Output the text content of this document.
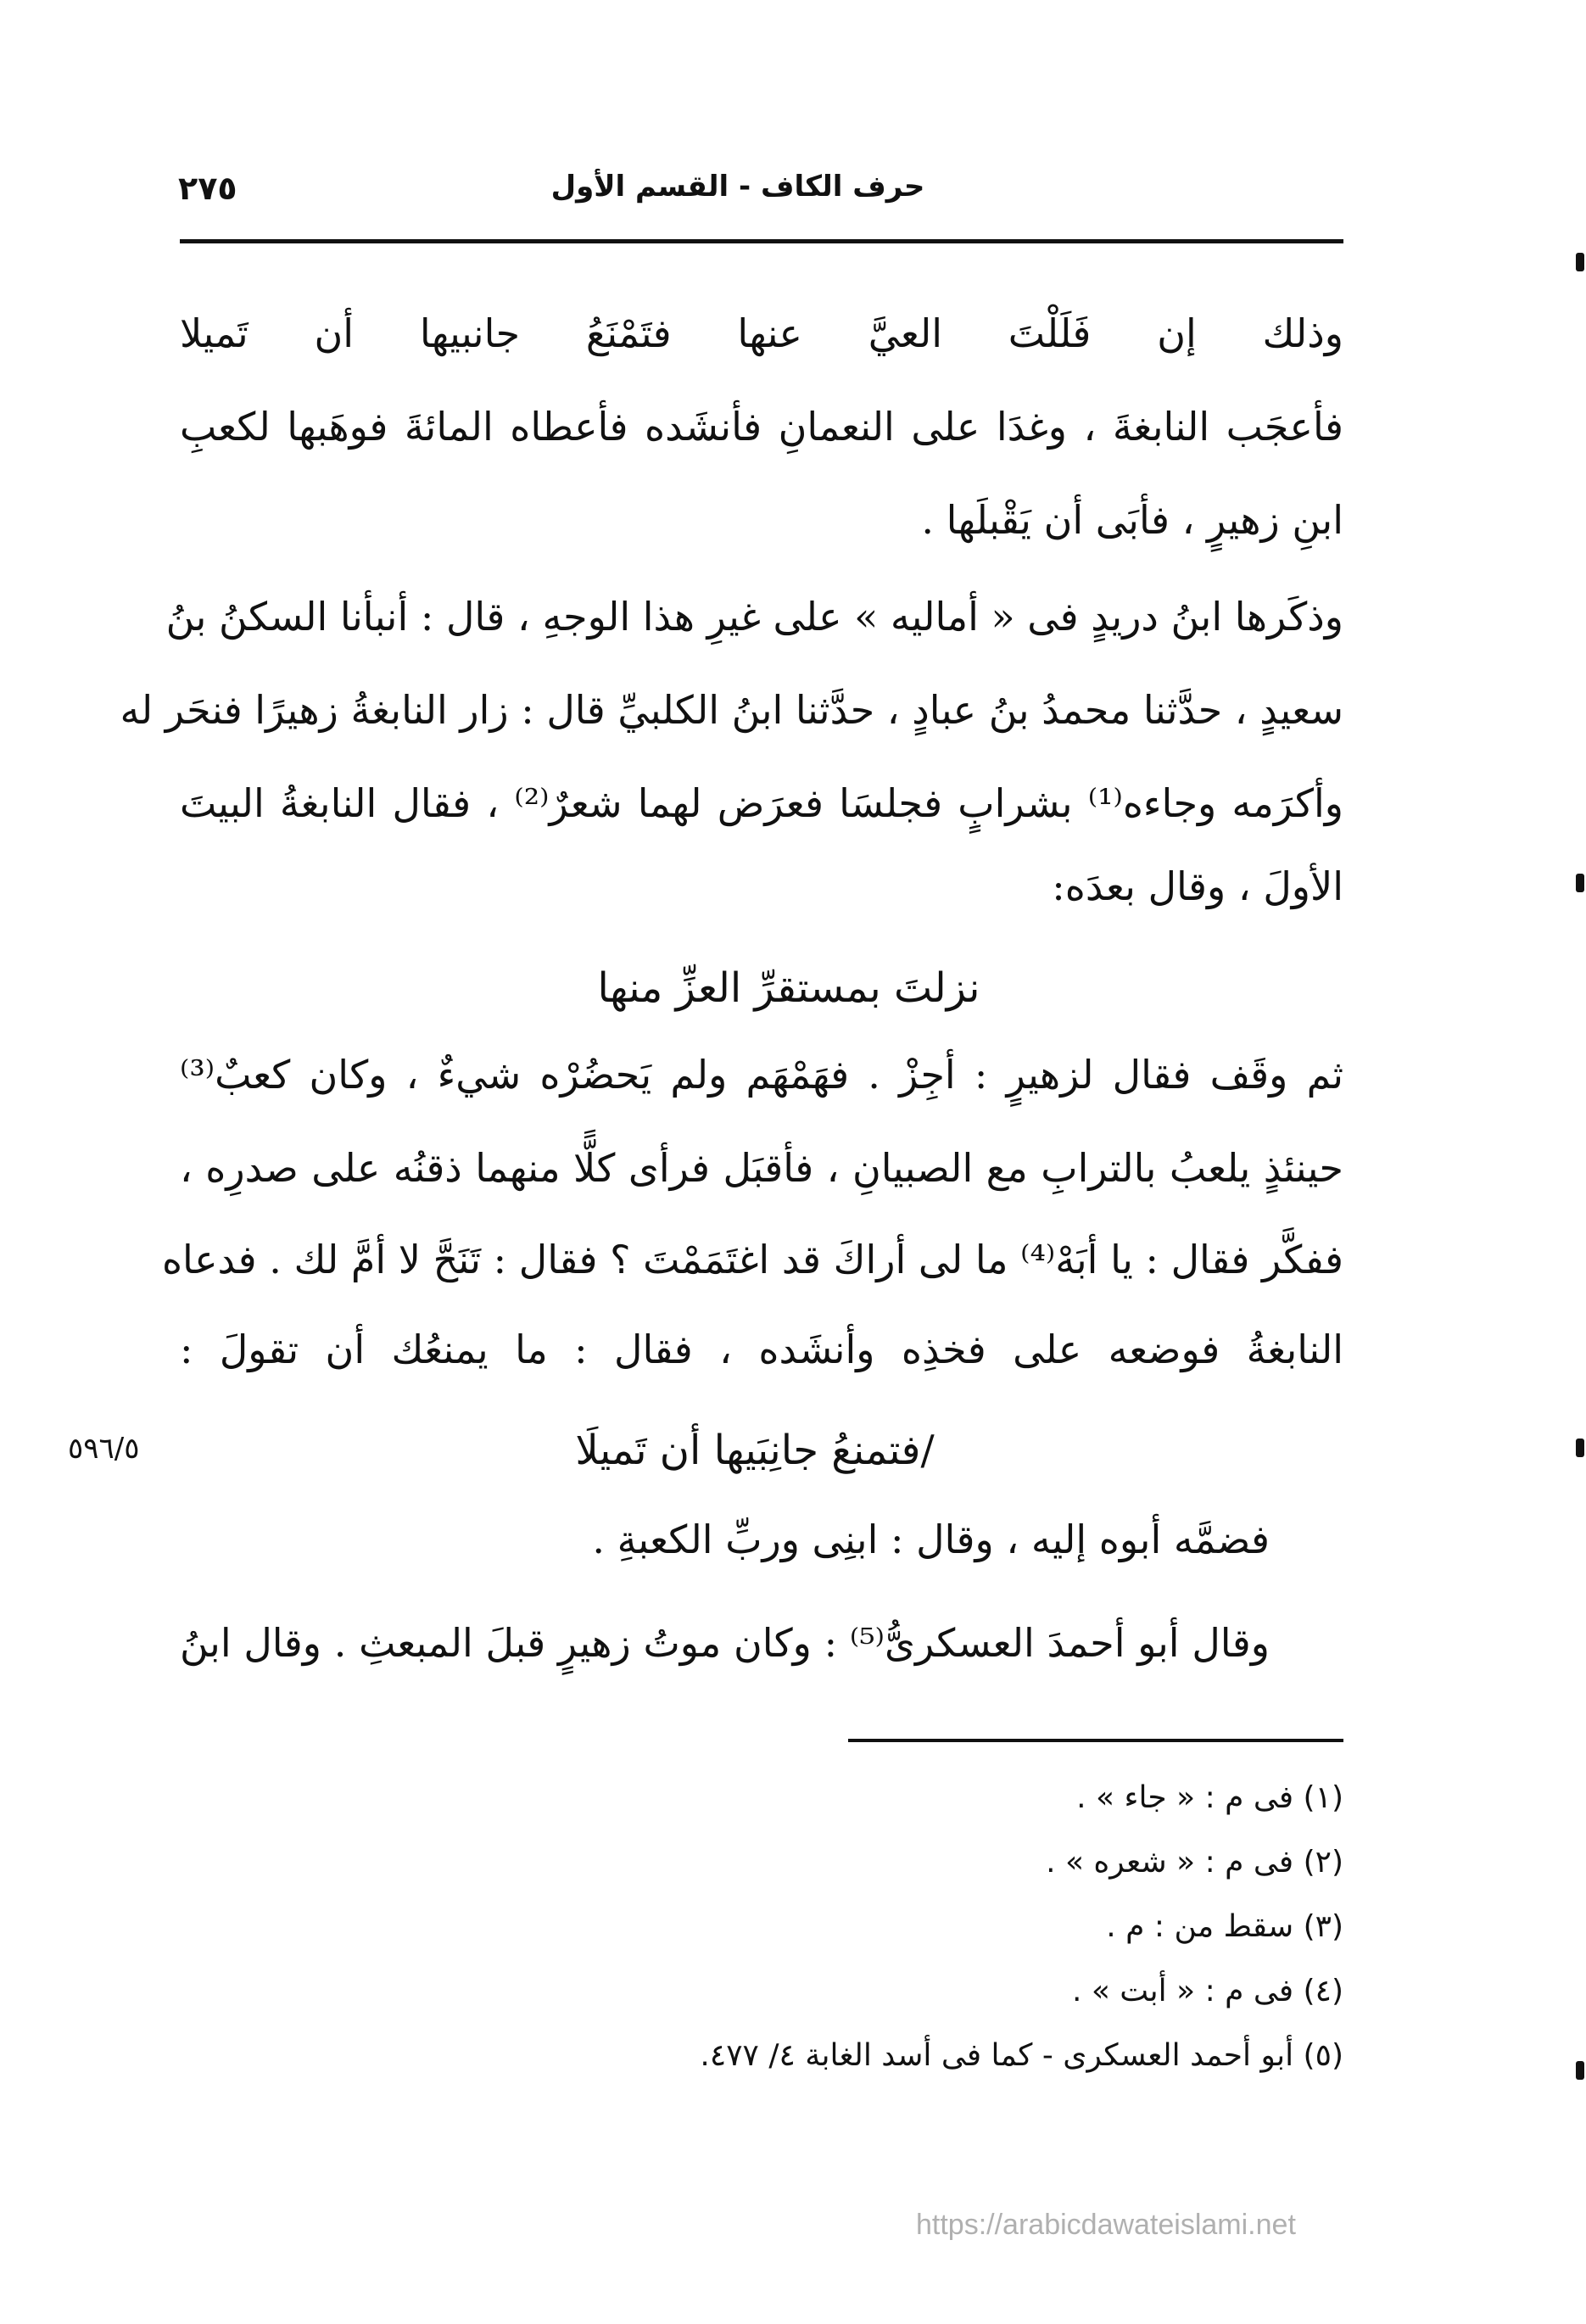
حرف الكاف - القسم الأول
٢٧٥
وذلك إن فَلَلْتَ العيَّ عنها فتَمْنَعُ جانبيها أن تَميلا
فأعجَب النابغةَ ، وغدَا على النعمانِ فأنشَده فأعطاه المائةَ فوهَبها لكعبِ
ابنِ زهيرٍ ، فأبَى أن يَقْبلَها .
وذكَرها ابنُ دريدٍ فى « أماليه » على غيرِ هذا الوجهِ ، قال : أنبأنا السكنُ بنُ
سعيدٍ ، حدَّثنا محمدُ بنُ عبادٍ ، حدَّثنا ابنُ الكلبيِّ قال : زار النابغةُ زهيرًا فنحَر له
وأكرَمه وجاءه⁽¹⁾ بشرابٍ فجلسَا فعرَض لهما شعرٌ⁽²⁾ ، فقال النابغةُ البيتَ
الأولَ ، وقال بعدَه:
نزلتَ بمستقرِّ العزِّ منها
ثم وقَف فقال لزهيرٍ : أجِزْ . فهَمْهَم ولم يَحضُرْه شيءٌ ، وكان كعبٌ⁽³⁾
حينئذٍ يلعبُ بالترابِ مع الصبيانِ ، فأقبَل فرأى كلًّا منهما ذقنُه على صدرِه ،
ففكَّر فقال : يا أبَهْ⁽⁴⁾ ما لى أراكَ قد اغتَمَمْتَ ؟ فقال : تَنَحَّ لا أمَّ لك . فدعاه
النابغةُ فوضعه على فخذِه وأنشَده ، فقال : ما يمنعُك أن تقولَ :
/فتمنعُ جانِبَيها أن تَميلَا
٥٩٦/٥
فضمَّه أبوه إليه ، وقال : ابنِى وربِّ الكعبةِ .
وقال أبو أحمدَ العسكرىُّ⁽⁵⁾ : وكان موتُ زهيرٍ قبلَ المبعثِ . وقال ابنُ
(١) فى م : « جاء » .
(٢) فى م : « شعره » .
(٣) سقط من : م .
(٤) فى م : « أبت » .
(٥) أبو أحمد العسكرى - كما فى أسد الغابة ٤/ ٤٧٧.
https://arabicdawateislami.net
